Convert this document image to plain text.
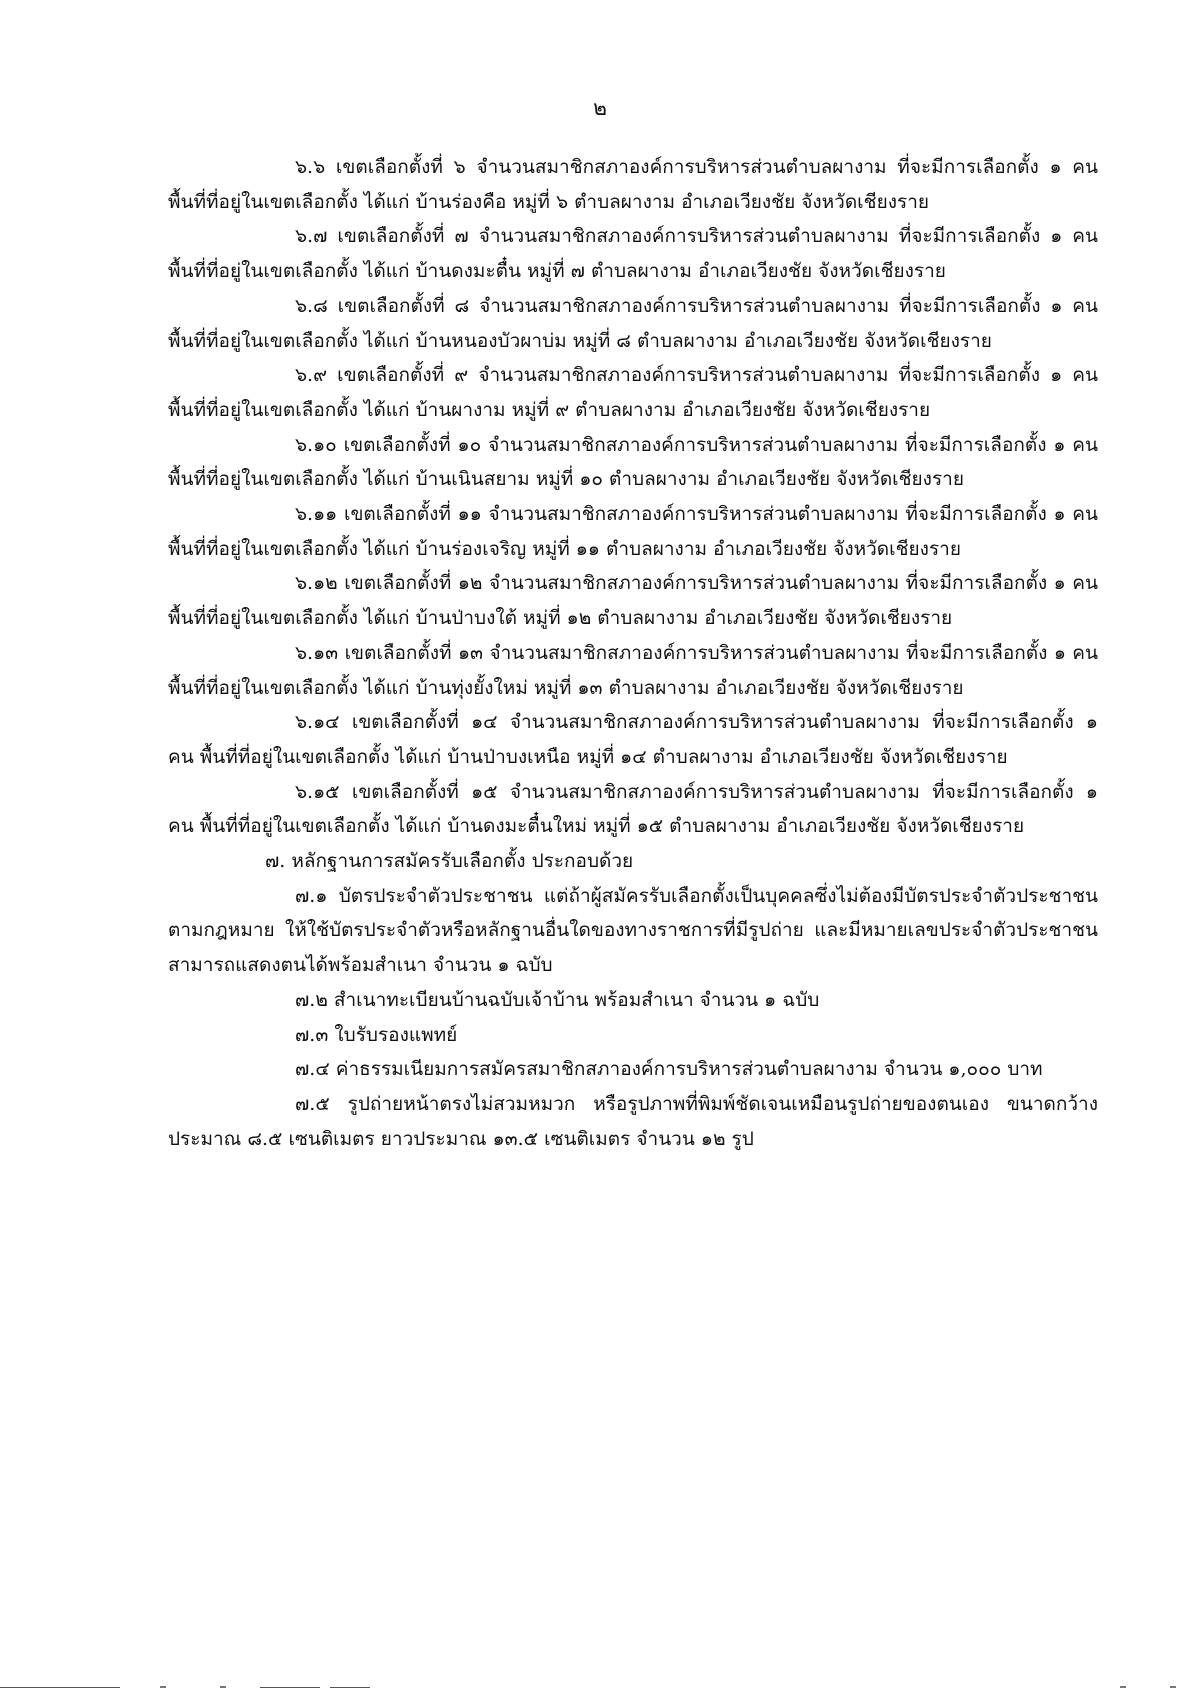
๒

๖.๖ เขตเลือกตั้งที่ ๖ จำนวนสมาชิกสภาองค์การบริหารส่วนตำบลผางาม ที่จะมีการเลือกตั้ง ๑ คน พื้นที่ที่อยู่ในเขตเลือกตั้ง ได้แก่ บ้านร่องคือ หมู่ที่ ๖ ตำบลผางาม อำเภอเวียงชัย จังหวัดเชียงราย

๖.๗ เขตเลือกตั้งที่ ๗ จำนวนสมาชิกสภาองค์การบริหารส่วนตำบลผางาม ที่จะมีการเลือกตั้ง ๑ คน พื้นที่ที่อยู่ในเขตเลือกตั้ง ได้แก่ บ้านดงมะตื๋น หมู่ที่ ๗ ตำบลผางาม อำเภอเวียงชัย จังหวัดเชียงราย

๖.๘ เขตเลือกตั้งที่ ๘ จำนวนสมาชิกสภาองค์การบริหารส่วนตำบลผางาม ที่จะมีการเลือกตั้ง ๑ คน พื้นที่ที่อยู่ในเขตเลือกตั้ง ได้แก่ บ้านหนองบัวผาบ่ม หมู่ที่ ๘ ตำบลผางาม อำเภอเวียงชัย จังหวัดเชียงราย

๖.๙ เขตเลือกตั้งที่ ๙ จำนวนสมาชิกสภาองค์การบริหารส่วนตำบลผางาม ที่จะมีการเลือกตั้ง ๑ คน พื้นที่ที่อยู่ในเขตเลือกตั้ง ได้แก่ บ้านผางาม หมู่ที่ ๙ ตำบลผางาม อำเภอเวียงชัย จังหวัดเชียงราย

๖.๑๐ เขตเลือกตั้งที่ ๑๐ จำนวนสมาชิกสภาองค์การบริหารส่วนตำบลผางาม ที่จะมีการเลือกตั้ง ๑ คน พื้นที่ที่อยู่ในเขตเลือกตั้ง ได้แก่ บ้านเนินสยาม หมู่ที่ ๑๐ ตำบลผางาม อำเภอเวียงชัย จังหวัดเชียงราย

๖.๑๑ เขตเลือกตั้งที่ ๑๑ จำนวนสมาชิกสภาองค์การบริหารส่วนตำบลผางาม ที่จะมีการเลือกตั้ง ๑ คน พื้นที่ที่อยู่ในเขตเลือกตั้ง ได้แก่ บ้านร่องเจริญ หมู่ที่ ๑๑ ตำบลผางาม อำเภอเวียงชัย จังหวัดเชียงราย

๖.๑๒ เขตเลือกตั้งที่ ๑๒ จำนวนสมาชิกสภาองค์การบริหารส่วนตำบลผางาม ที่จะมีการเลือกตั้ง ๑ คน พื้นที่ที่อยู่ในเขตเลือกตั้ง ได้แก่ บ้านป่าบงใต้ หมู่ที่ ๑๒ ตำบลผางาม อำเภอเวียงชัย จังหวัดเชียงราย

๖.๑๓ เขตเลือกตั้งที่ ๑๓ จำนวนสมาชิกสภาองค์การบริหารส่วนตำบลผางาม ที่จะมีการเลือกตั้ง ๑ คน พื้นที่ที่อยู่ในเขตเลือกตั้ง ได้แก่ บ้านทุ่งยั้งใหม่ หมู่ที่ ๑๓ ตำบลผางาม อำเภอเวียงชัย จังหวัดเชียงราย

๖.๑๔ เขตเลือกตั้งที่ ๑๔ จำนวนสมาชิกสภาองค์การบริหารส่วนตำบลผางาม ที่จะมีการเลือกตั้ง ๑ คน พื้นที่ที่อยู่ในเขตเลือกตั้ง ได้แก่ บ้านป่าบงเหนือ หมู่ที่ ๑๔ ตำบลผางาม อำเภอเวียงชัย จังหวัดเชียงราย

๖.๑๕ เขตเลือกตั้งที่ ๑๕ จำนวนสมาชิกสภาองค์การบริหารส่วนตำบลผางาม ที่จะมีการเลือกตั้ง ๑ คน พื้นที่ที่อยู่ในเขตเลือกตั้ง ได้แก่ บ้านดงมะตื๋นใหม่ หมู่ที่ ๑๕ ตำบลผางาม อำเภอเวียงชัย จังหวัดเชียงราย

๗. หลักฐานการสมัครรับเลือกตั้ง ประกอบด้วย

๗.๑ บัตรประจำตัวประชาชน แต่ถ้าผู้สมัครรับเลือกตั้งเป็นบุคคลซึ่งไม่ต้องมีบัตรประจำตัวประชาชนตามกฎหมาย ให้ใช้บัตรประจำตัวหรือหลักฐานอื่นใดของทางราชการที่มีรูปถ่าย และมีหมายเลขประจำตัวประชาชนสามารถแสดงตนได้พร้อมสำเนา จำนวน ๑ ฉบับ

๗.๒ สำเนาทะเบียนบ้านฉบับเจ้าบ้าน พร้อมสำเนา จำนวน ๑ ฉบับ

๗.๓ ใบรับรองแพทย์

๗.๔ ค่าธรรมเนียมการสมัครสมาชิกสภาองค์การบริหารส่วนตำบลผางาม จำนวน ๑,๐๐๐ บาท

๗.๕ รูปถ่ายหน้าตรงไม่สวมหมวก หรือรูปภาพที่พิมพ์ชัดเจนเหมือนรูปถ่ายของตนเอง ขนาดกว้างประมาณ ๘.๕ เซนติเมตร ยาวประมาณ ๑๓.๕ เซนติเมตร จำนวน ๑๒ รูป
